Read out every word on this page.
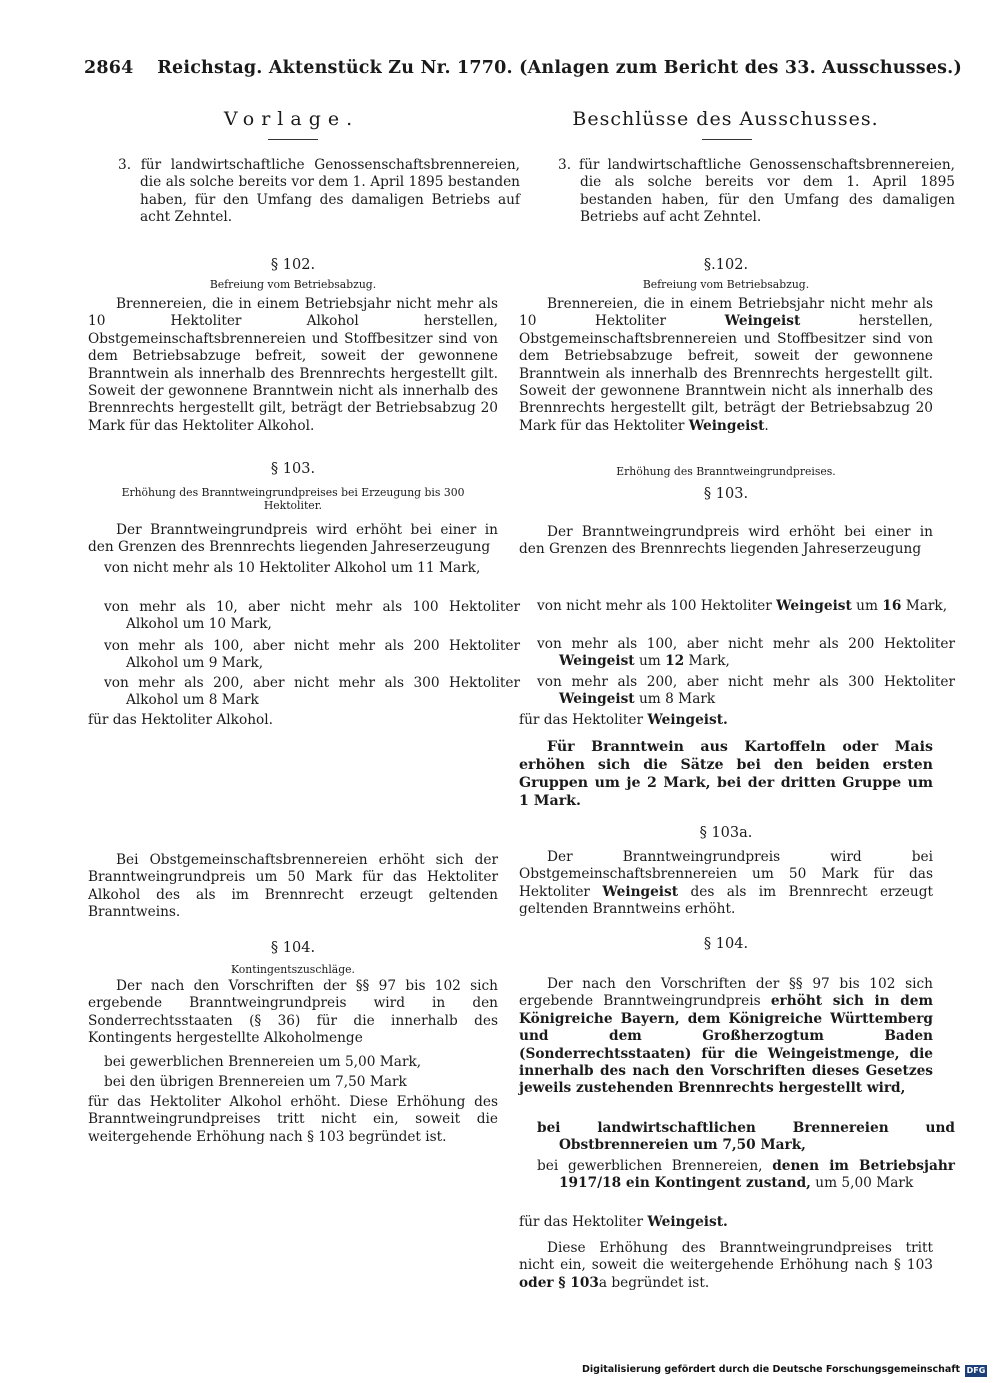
2864 Reichstag. Aktenstück Zu Nr. 1770. (Anlagen zum Bericht des 33. Ausschusses.)
Vorlage.
3. für landwirtschaftliche Genossenschaftsbrennereien, die als solche bereits vor dem 1. April 1895 bestanden haben, für den Umfang des damaligen Betriebs auf acht Zehntel.
§ 102.
Befreiung vom Betriebsabzug.
Brennereien, die in einem Betriebsjahr nicht mehr als 10 Hektoliter Alkohol herstellen, Obstgemeinschaftsbrennereien und Stoffbesitzer sind von dem Betriebsabzuge befreit, soweit der gewonnene Branntwein als innerhalb des Brennrechts hergestellt gilt. Soweit der gewonnene Branntwein nicht als innerhalb des Brennrechts hergestellt gilt, beträgt der Betriebsabzug 20 Mark für das Hektoliter Alkohol.
§ 103.
Erhöhung des Branntweingrundpreises bei Erzeugung bis 300 Hektoliter.
Der Branntweingrundpreis wird erhöht bei einer in den Grenzen des Brennrechts liegenden Jahreserzeugung
von nicht mehr als 10 Hektoliter Alkohol um 11 Mark,
von mehr als 10, aber nicht mehr als 100 Hektoliter Alkohol um 10 Mark,
von mehr als 100, aber nicht mehr als 200 Hektoliter Alkohol um 9 Mark,
von mehr als 200, aber nicht mehr als 300 Hektoliter Alkohol um 8 Mark
für das Hektoliter Alkohol.
Bei Obstgemeinschaftsbrennereien erhöht sich der Branntweingrundpreis um 50 Mark für das Hektoliter Alkohol des als im Brennrecht erzeugt geltenden Branntweins.
§ 104.
Kontingentszuschläge.
Der nach den Vorschriften der §§ 97 bis 102 sich ergebende Branntweingrundpreis wird in den Sonderrechtsstaaten (§ 36) für die innerhalb des Kontingents hergestellte Alkoholmenge
bei gewerblichen Brennereien um 5,00 Mark,
bei den übrigen Brennereien um 7,50 Mark
für das Hektoliter Alkohol erhöht. Diese Erhöhung des Branntweingrundpreises tritt nicht ein, soweit die weitergehende Erhöhung nach § 103 begründet ist.
Beschlüsse des Ausschusses.
3. für landwirtschaftliche Genossenschaftsbrennereien, die als solche bereits vor dem 1. April 1895 bestanden haben, für den Umfang des damaligen Betriebs auf acht Zehntel.
§.102.
Befreiung vom Betriebsabzug.
Brennereien, die in einem Betriebsjahr nicht mehr als 10 Hektoliter Weingeist herstellen, Obstgemeinschaftsbrennereien und Stoffbesitzer sind von dem Betriebsabzuge befreit, soweit der gewonnene Branntwein als innerhalb des Brennrechts hergestellt gilt. Soweit der gewonnene Branntwein nicht als innerhalb des Brennrechts hergestellt gilt, beträgt der Betriebsabzug 20 Mark für das Hektoliter Weingeist.
Erhöhung des Branntweingrundpreises.
§ 103.
Der Branntweingrundpreis wird erhöht bei einer in den Grenzen des Brennrechts liegenden Jahreserzeugung
von nicht mehr als 100 Hektoliter Weingeist um 16 Mark,
von mehr als 100, aber nicht mehr als 200 Hektoliter Weingeist um 12 Mark,
von mehr als 200, aber nicht mehr als 300 Hektoliter Weingeist um 8 Mark
für das Hektoliter Weingeist.
Für Branntwein aus Kartoffeln oder Mais erhöhen sich die Sätze bei den beiden ersten Gruppen um je 2 Mark, bei der dritten Gruppe um 1 Mark.
§ 103a.
Der Branntweingrundpreis wird bei Obstgemeinschaftsbrennereien um 50 Mark für das Hektoliter Weingeist des als im Brennrecht erzeugt geltenden Branntweins erhöht.
§ 104.
Der nach den Vorschriften der §§ 97 bis 102 sich ergebende Branntweingrundpreis erhöht sich in dem Königreiche Bayern, dem Königreiche Württemberg und dem Großherzogtum Baden (Sonderrechtsstaaten) für die Weingeistmenge, die innerhalb des nach den Vorschriften dieses Gesetzes jeweils zustehenden Brennrechts hergestellt wird,
bei landwirtschaftlichen Brennereien und Obstbrennereien um 7,50 Mark,
bei gewerblichen Brennereien, denen im Betriebsjahr 1917/18 ein Kontingent zustand, um 5,00 Mark
für das Hektoliter Weingeist.
Diese Erhöhung des Branntweingrundpreises tritt nicht ein, soweit die weitergehende Erhöhung nach § 103 oder § 103a begründet ist.
Digitalisierung gefördert durch die Deutsche Forschungsgemeinschaft DFG
